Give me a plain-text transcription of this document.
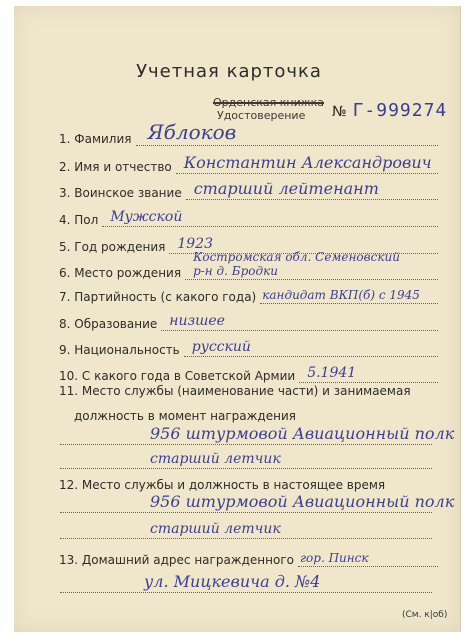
Учетная карточка
Орденская книжка
Удостоверение № Г-999274
1. Фамилия Яблоков
2. Имя и отчество Константин Александрович
3. Воинское звание старший лейтенант
4. Пол Мужской
5. Год рождения 1923
6. Место рождения
Костромская обл. Семеновский
р-н д. Бродки
7. Партийность (с какого года) кандидат ВКП(б) с 1945
8. Образование низшее
9. Национальность русский
10. С какого года в Советской Армии 5.1941
11. Место службы (наименование части) и занимаемая
должность в момент награждения
956 штурмовой Авиационный полк
старший летчик
12. Место службы и должность в настоящее время
956 штурмовой Авиационный полк
старший летчик
13. Домашний адрес награжденного гор. Пинск
ул. Мицкевича д. №4
(См. к|об)
